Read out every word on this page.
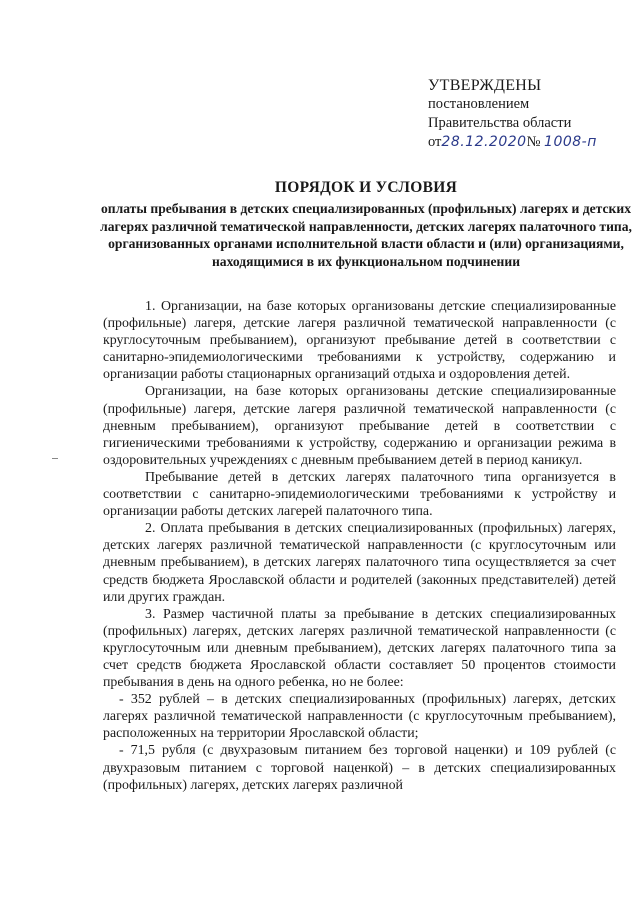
УТВЕРЖДЕНЫ
постановлением
Правительства области
от28.12.2020№ 1008-п
ПОРЯДОК И УСЛОВИЯ
оплаты пребывания в детских специализированных (профильных) лагерях и детских лагерях различной тематической направленности, детских лагерях палаточного типа, организованных органами исполнительной власти области и (или) организациями, находящимися в их функциональном подчинении

1. Организации, на базе которых организованы детские специализированные (профильные) лагеря, детские лагеря различной тематической направленности (с круглосуточным пребыванием), организуют пребывание детей в соответствии с санитарно-эпидемиологическими требованиями к устройству, содержанию и организации работы стационарных организаций отдыха и оздоровления детей.

Организации, на базе которых организованы детские специализированные (профильные) лагеря, детские лагеря различной тематической направленности (с дневным пребыванием), организуют пребывание детей в соответствии с гигиеническими требованиями к устройству, содержанию и организации режима в оздоровительных учреждениях с дневным пребыванием детей в период каникул.

Пребывание детей в детских лагерях палаточного типа организуется в соответствии с санитарно-эпидемиологическими требованиями к устройству и организации работы детских лагерей палаточного типа.

2. Оплата пребывания в детских специализированных (профильных) лагерях, детских лагерях различной тематической направленности (с круглосуточным или дневным пребыванием), в детских лагерях палаточного типа осуществляется за счет средств бюджета Ярославской области и родителей (законных представителей) детей или других граждан.

3. Размер частичной платы за пребывание в детских специализированных (профильных) лагерях, детских лагерях различной тематической направленности (с круглосуточным или дневным пребыванием), детских лагерях палаточного типа за счет средств бюджета Ярославской области составляет 50 процентов стоимости пребывания в день на одного ребенка, но не более:

- 352 рублей – в детских специализированных (профильных) лагерях, детских лагерях различной тематической направленности (с круглосуточным пребыванием), расположенных на территории Ярославской области;

- 71,5 рубля (с двухразовым питанием без торговой наценки) и 109 рублей (с двухразовым питанием с торговой наценкой) – в детских специализированных (профильных) лагерях, детских лагерях различной
